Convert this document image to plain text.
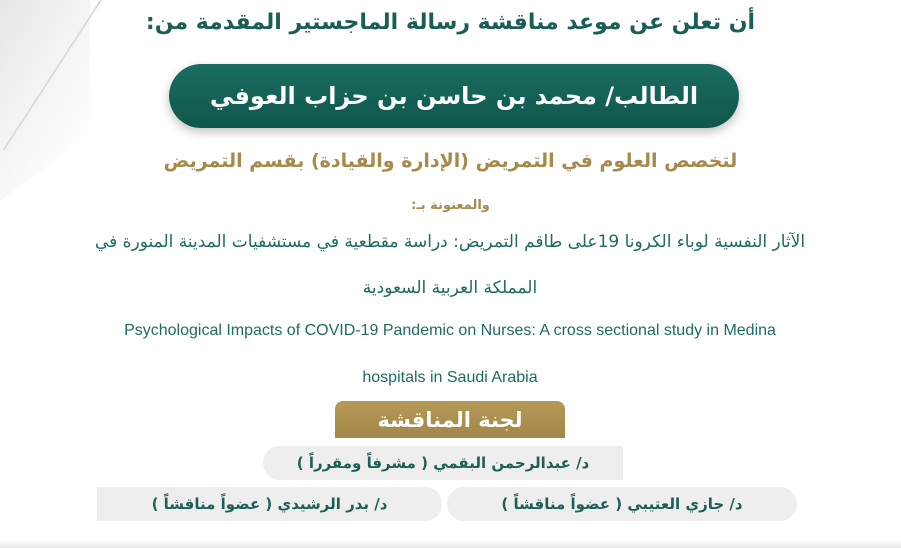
أن تعلن عن موعد مناقشة رسالة الماجستير المقدمة من:
الطالب/ محمد بن حاسن بن حزاب العوفي
لتخصص العلوم في التمريض (الإدارة والقيادة) بقسم التمريض
والمعنونة بـ:
الآثار النفسية لوباء الكرونا 19على طاقم التمريض: دراسة مقطعية في مستشفيات المدينة المنورة في
المملكة العربية السعودية
Psychological Impacts of COVID-19 Pandemic on Nurses: A cross sectional study in Medina
hospitals in Saudi Arabia
لجنة المناقشة
د/ عبدالرحمن البقمي ( مشرفاً ومقرراً )
د/ جازي العتيبي ( عضواً مناقشاً )
د/ بدر الرشيدي ( عضواً مناقشاً )
